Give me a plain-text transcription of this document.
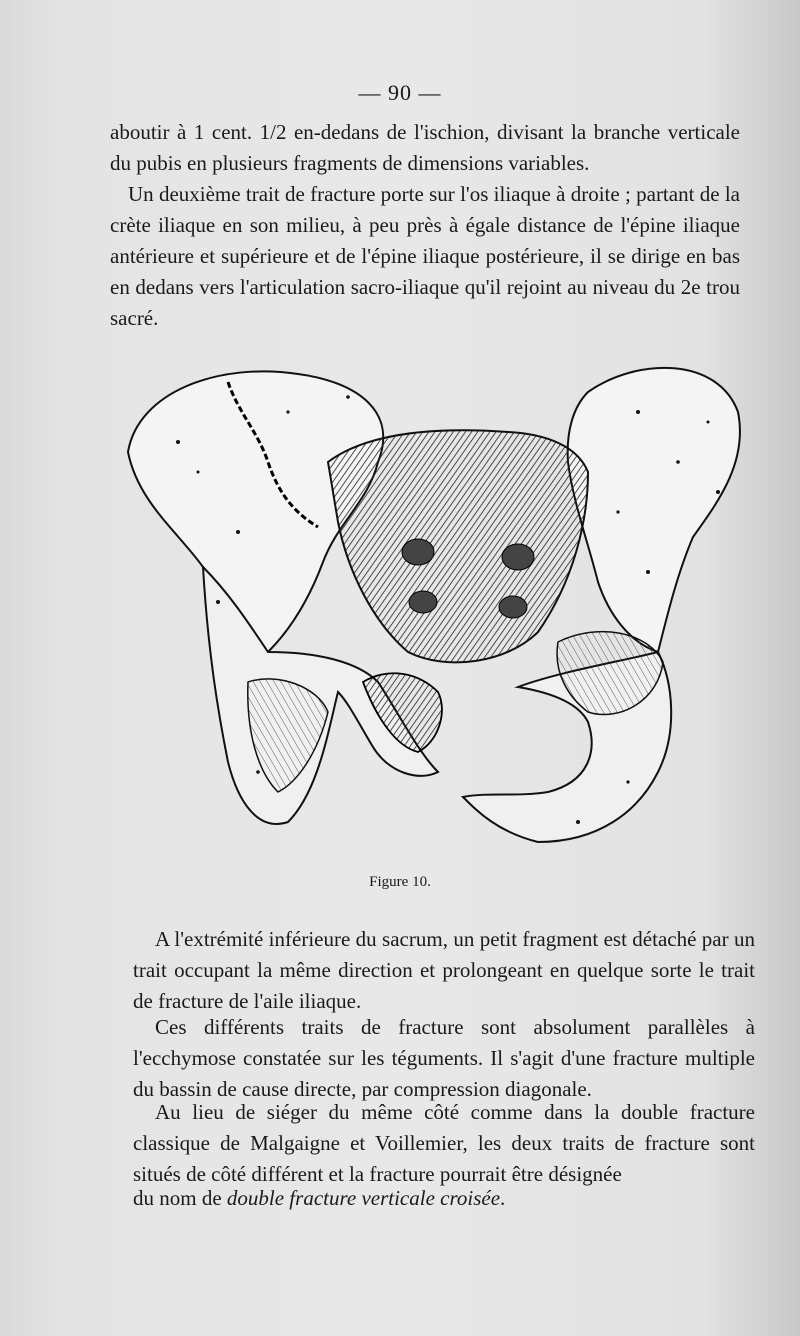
— 90 —

aboutir à 1 cent. 1/2 en-dedans de l'ischion, divisant la branche verticale du pubis en plusieurs fragments de dimensions variables.

Un deuxième trait de fracture porte sur l'os iliaque à droite ; partant de la crète iliaque en son milieu, à peu près à égale distance de l'épine iliaque antérieure et supérieure et de l'épine iliaque postérieure, il se dirige en bas en dedans vers l'articulation sacro-iliaque qu'il rejoint au niveau du 2e trou sacré.

Figure 10.

A l'extrémité inférieure du sacrum, un petit fragment est détaché par un trait occupant la même direction et prolongeant en quelque sorte le trait de fracture de l'aile iliaque.

Ces différents traits de fracture sont absolument parallèles à l'ecchymose constatée sur les téguments. Il s'agit d'une fracture multiple du bassin de cause directe, par compression diagonale.

Au lieu de siéger du même côté comme dans la double fracture classique de Malgaigne et Voillemier, les deux traits de fracture sont situés de côté différent et la fracture pourrait être désignée

du nom de double fracture verticale croisée.
